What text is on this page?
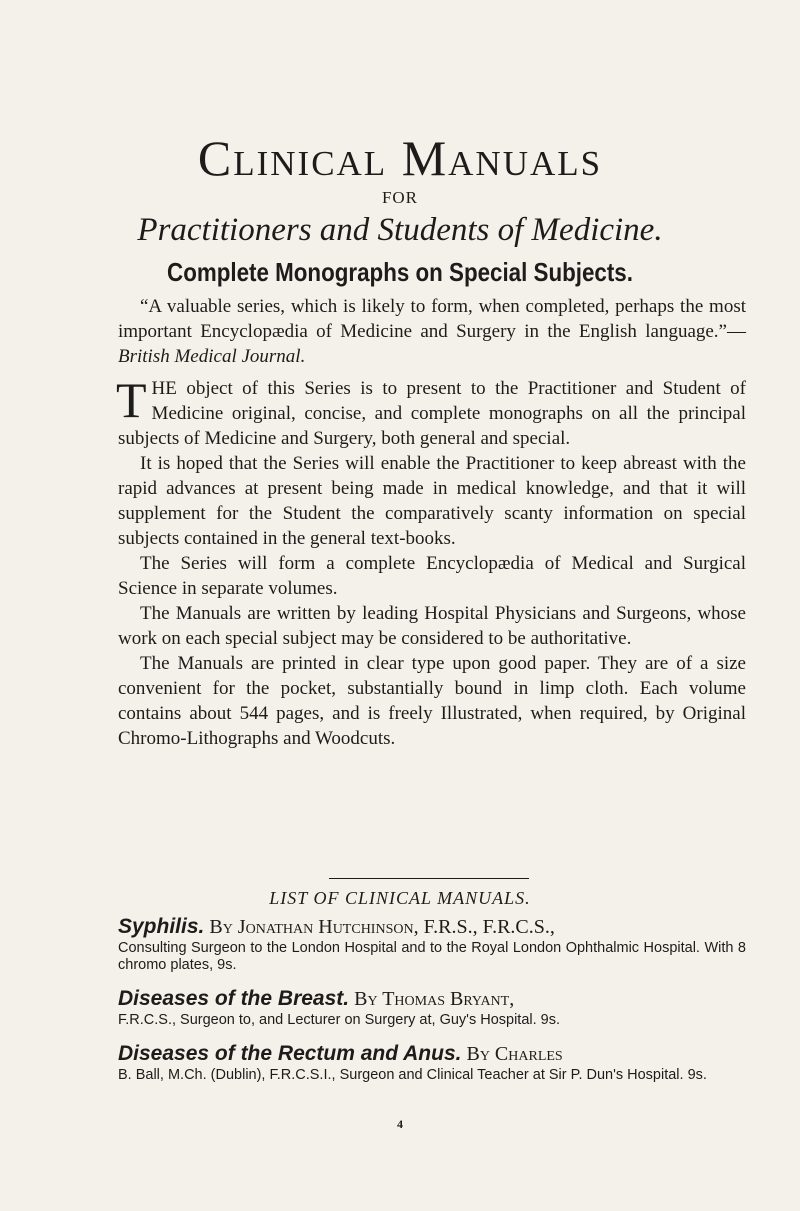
Clinical Manuals
FOR
Practitioners and Students of Medicine.
Complete Monographs on Special Subjects.
“A valuable series, which is likely to form, when completed, perhaps the most important Encyclopædia of Medicine and Surgery in the English language.”—British Medical Journal.

THE object of this Series is to present to the Practitioner and Student of Medicine original, concise, and complete monographs on all the principal subjects of Medicine and Surgery, both general and special.

It is hoped that the Series will enable the Practitioner to keep abreast with the rapid advances at present being made in medical knowledge, and that it will supplement for the Student the comparatively scanty information on special subjects contained in the general text-books.

The Series will form a complete Encyclopædia of Medical and Surgical Science in separate volumes.

The Manuals are written by leading Hospital Physicians and Surgeons, whose work on each special subject may be considered to be authoritative.

The Manuals are printed in clear type upon good paper. They are of a size convenient for the pocket, substantially bound in limp cloth. Each volume contains about 544 pages, and is freely Illustrated, when required, by Original Chromo-Lithographs and Woodcuts.

LIST OF CLINICAL MANUALS.
Syphilis. By Jonathan Hutchinson, F.R.S., F.R.C.S.,
Consulting Surgeon to the London Hospital and to the Royal London Ophthalmic Hospital. With 8 chromo plates, 9s.
Diseases of the Breast. By Thomas Bryant,
F.R.C.S., Surgeon to, and Lecturer on Surgery at, Guy's Hospital. 9s.
Diseases of the Rectum and Anus. By Charles
B. Ball, M.Ch. (Dublin), F.R.C.S.I., Surgeon and Clinical Teacher at Sir P. Dun's Hospital. 9s.
4
